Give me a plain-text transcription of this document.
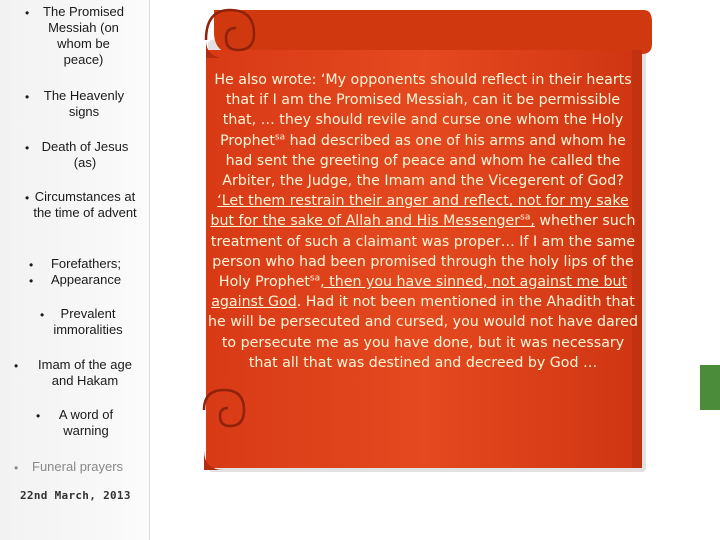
•	The Promised Messiah (on whom be peace)
•	The Heavenly signs
• Death of Jesus (as)
• Circumstances at the time of advent
•
•
Forefathers; Appearance
•	Prevalent immoralities
•	Imam of the age and Hakam
•	A word of warning
• Funeral prayers
22nd March, 2013

He also wrote: ‘My opponents should reflect in their hearts that if I am the Promised Messiah, can it be permissible that, … they should revile and curse one whom the Holy Prophet$^{sa}$ had described as one of his arms and whom he had sent the greeting of peace and whom he called the Arbiter, the Judge, the Imam and the Vicegerent of God?

‘Let them restrain their anger and reflect, not for my sake but for the sake of Allah and His Messenger$^{sa}$, whether such treatment of such a claimant was proper… If I am the same person who had been promised through the holy lips of the Holy Prophet$^{sa}$, then you have sinned, not against me but against God. Had it not been mentioned in the Ahadith that he will be persecuted and cursed, you would not have dared to persecute me as you have done, but it was necessary that all that was destined and decreed by God …
